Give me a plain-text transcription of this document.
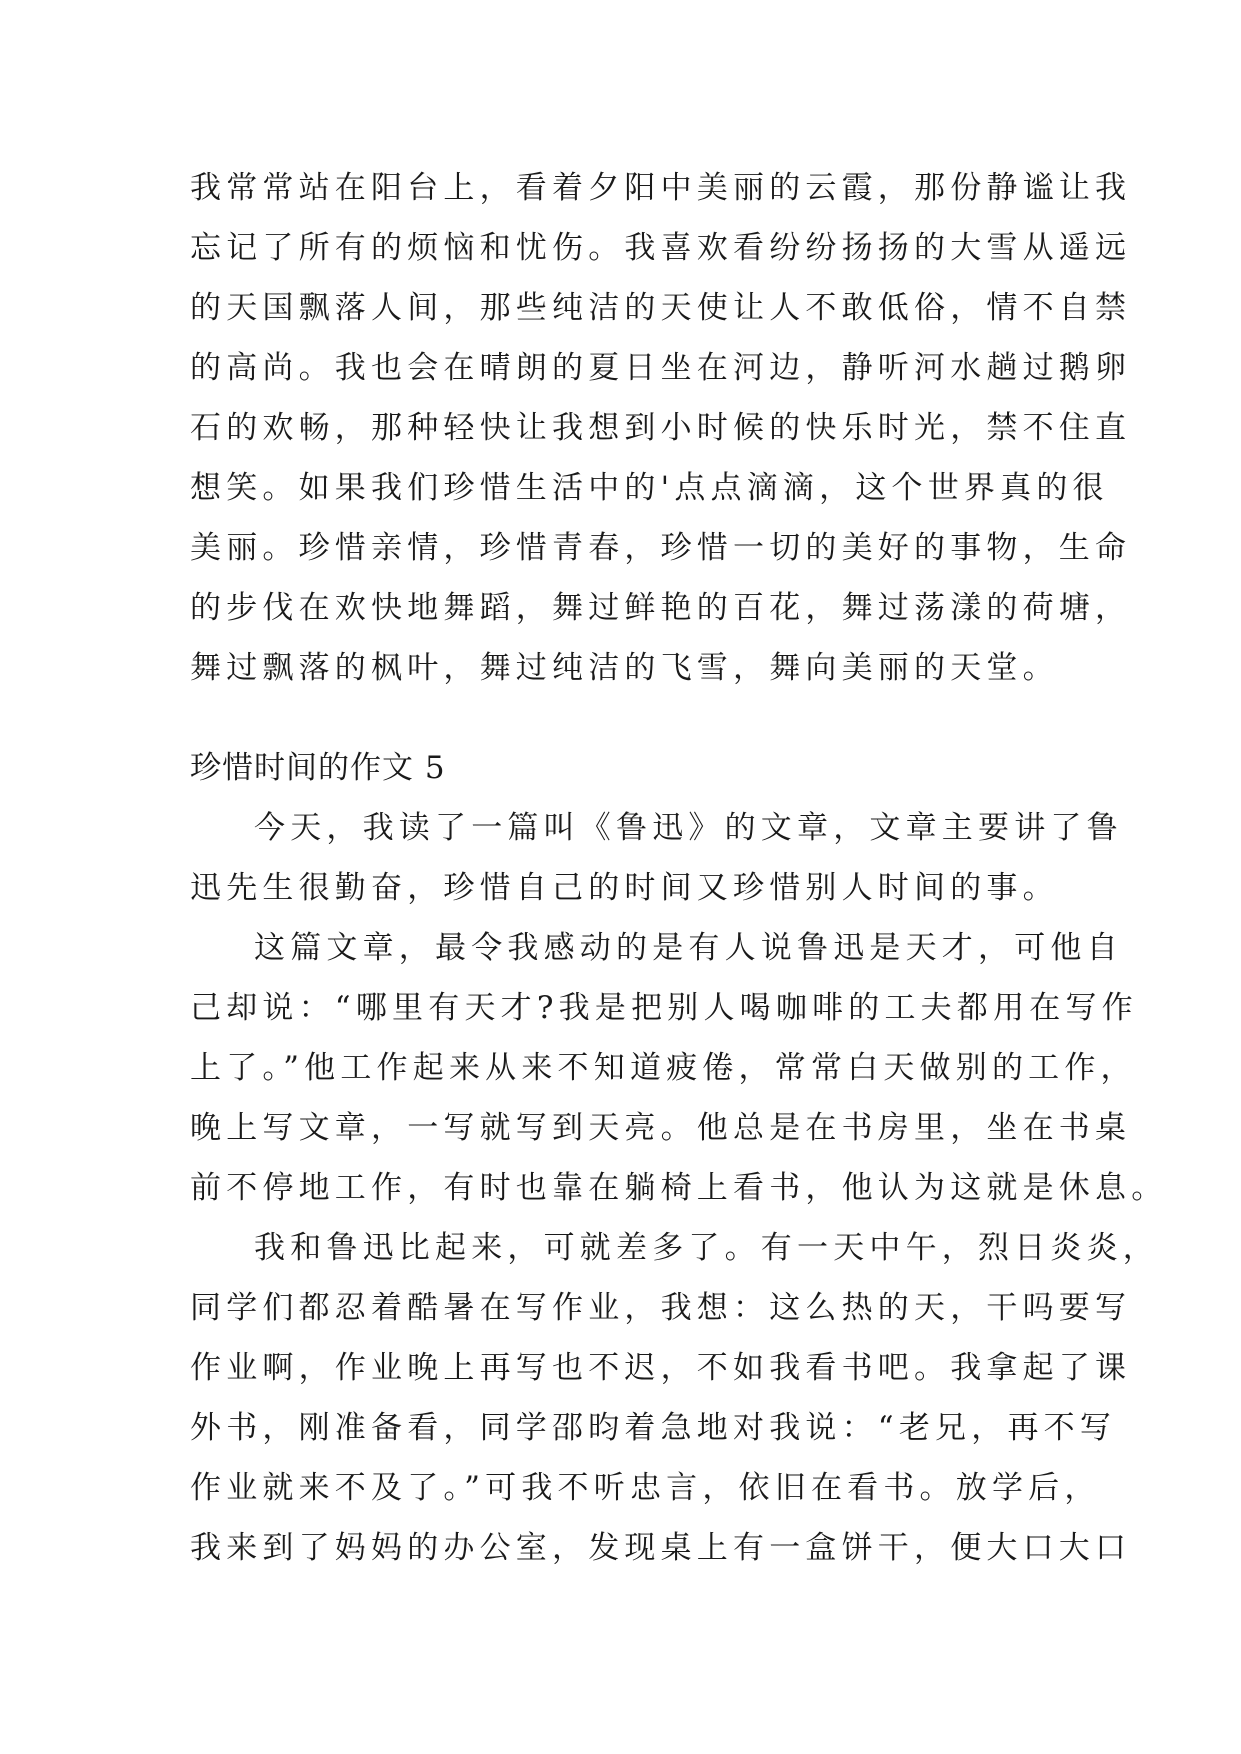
我常常站在阳台上，看着夕阳中美丽的云霞，那份静谧让我
忘记了所有的烦恼和忧伤。我喜欢看纷纷扬扬的大雪从遥远
的天国飘落人间，那些纯洁的天使让人不敢低俗，情不自禁
的高尚。我也会在晴朗的夏日坐在河边，静听河水趟过鹅卵
石的欢畅，那种轻快让我想到小时候的快乐时光，禁不住直
想笑。如果我们珍惜生活中的'点点滴滴，这个世界真的很
美丽。珍惜亲情，珍惜青春，珍惜一切的美好的事物，生命
的步伐在欢快地舞蹈，舞过鲜艳的百花，舞过荡漾的荷塘，
舞过飘落的枫叶，舞过纯洁的飞雪，舞向美丽的天堂。
珍惜时间的作文 5
今天，我读了一篇叫《鲁迅》的文章，文章主要讲了鲁
迅先生很勤奋，珍惜自己的时间又珍惜别人时间的事。
这篇文章，最令我感动的是有人说鲁迅是天才，可他自
己却说：“哪里有天才?我是把别人喝咖啡的工夫都用在写作
上了。”他工作起来从来不知道疲倦，常常白天做别的工作，
晚上写文章，一写就写到天亮。他总是在书房里，坐在书桌
前不停地工作，有时也靠在躺椅上看书，他认为这就是休息。
我和鲁迅比起来，可就差多了。有一天中午，烈日炎炎，
同学们都忍着酷暑在写作业，我想：这么热的天，干吗要写
作业啊，作业晚上再写也不迟，不如我看书吧。我拿起了课
外书，刚准备看，同学邵昀着急地对我说：“老兄，再不写
作业就来不及了。”可我不听忠言，依旧在看书。放学后，
我来到了妈妈的办公室，发现桌上有一盒饼干，便大口大口
